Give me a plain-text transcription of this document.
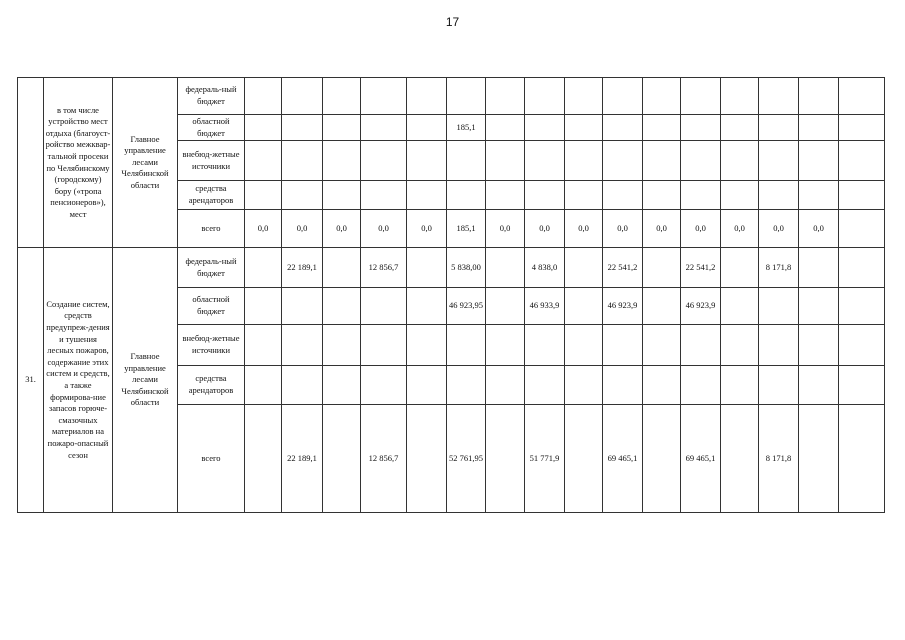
17
	в том числе устройство мест отдыха (благоуст-ройство межквар-тальной просеки по Челябинскому (городскому) бору («тропа пенсионеров»), мест	Главное управление лесами Челябинской области	федераль-ный бюджет																	
			областной бюджет						185,1											
			внебюд-жетные источники																	
			средства арендаторов																	
			всего	0,0	0,0	0,0	0,0	0,0	185,1	0,0	0,0	0,0	0,0	0,0	0,0	0,0	0,0	0,0		
31.	Создание систем, средств предупреж-дения и тушения лесных пожаров, содержание этих систем и средств, а также формирова-ние запасов горюче-смазочных материалов на пожаро-опасный сезон	Главное управление лесами Челябинской области	федераль-ный бюджет		22 189,1		12 856,7		5 838,00		4 838,0		22 541,2		22 541,2		8 171,8			
			областной бюджет						46 923,95		46 933,9		46 923,9		46 923,9					
			внебюд-жетные источники																	
			средства арендаторов																	
			всего		22 189,1		12 856,7		52 761,95		51 771,9		69 465,1		69 465,1		8 171,8			
